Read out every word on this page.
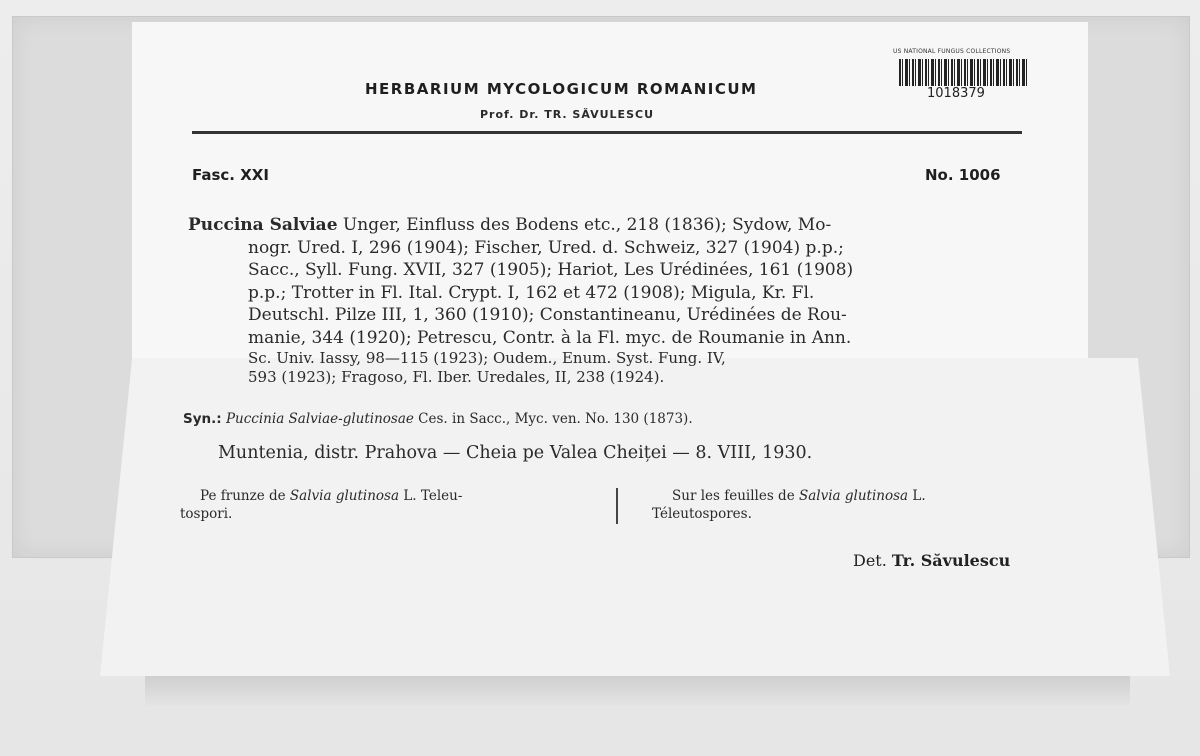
HERBARIUM MYCOLOGICUM ROMANICUM
Prof. Dr. TR. SĂVULESCU
US NATIONAL FUNGUS COLLECTIONS
1018379
Fasc. XXI	No. 1006
Puccina Salviae Unger, Einfluss des Bodens etc., 218 (1836); Sydow, Mo-
nogr. Ured. I, 296 (1904); Fischer, Ured. d. Schweiz, 327 (1904) p.p.;
Sacc., Syll. Fung. XVII, 327 (1905); Hariot, Les Urédinées, 161 (1908)
p.p.; Trotter in Fl. Ital. Crypt. I, 162 et 472 (1908); Migula, Kr. Fl.
Deutschl. Pilze III, 1, 360 (1910); Constantineanu, Urédinées de Rou-
manie, 344 (1920); Petrescu, Contr. à la Fl. myc. de Roumanie in Ann.
Sc. Univ. Iassy, 98—115 (1923); Oudem., Enum. Syst. Fung. IV,
593 (1923); Fragoso, Fl. Iber. Uredales, II, 238 (1924).
Syn.: Puccinia Salviae-glutinosae Ces. in Sacc., Myc. ven. No. 130 (1873).
Muntenia, distr. Prahova — Cheia pe Valea Cheiței — 8. VIII, 1930.
Pe frunze de Salvia glutinosa L. Teleu-
tospori.
Sur les feuilles de Salvia glutinosa L.
Téleutospores.
Det. Tr. Săvulescu
